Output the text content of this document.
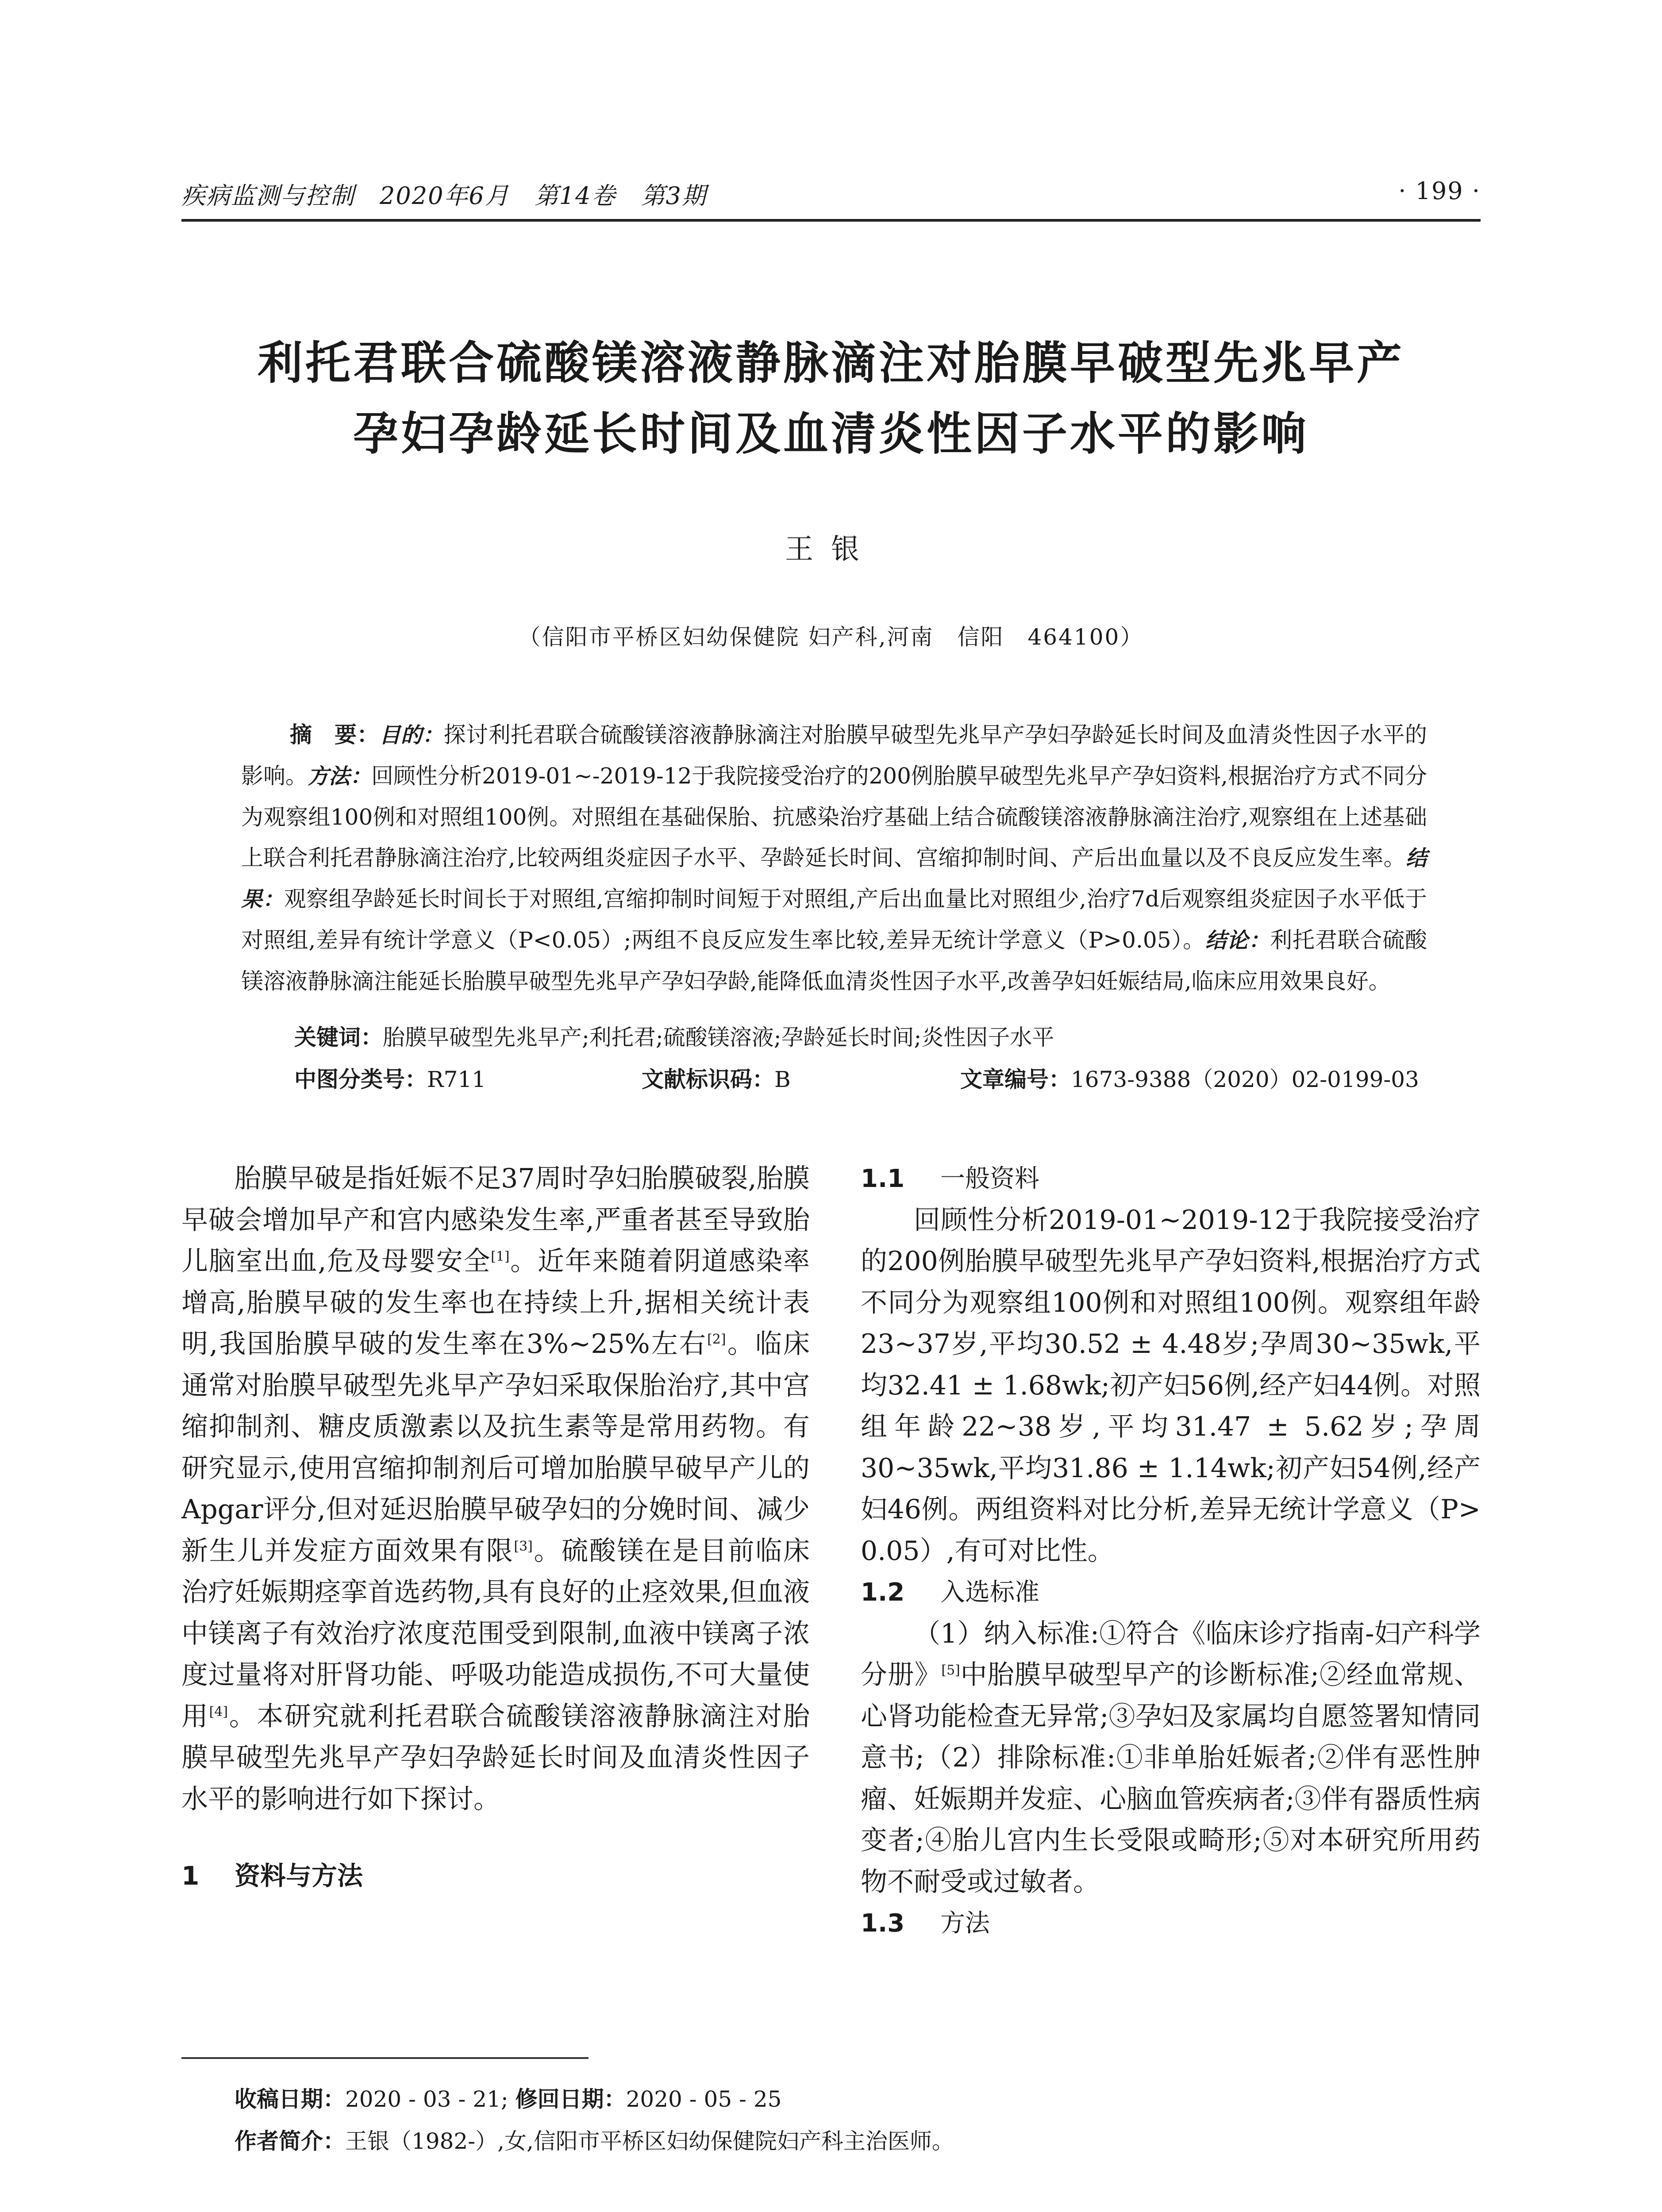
疾病监测与控制　2020年6月　第14卷　第3期	· 199 ·
利托君联合硫酸镁溶液静脉滴注对胎膜早破型先兆早产
孕妇孕龄延长时间及血清炎性因子水平的影响
王银
（信阳市平桥区妇幼保健院 妇产科,河南　信阳　464100）
摘　要：目的：探讨利托君联合硫酸镁溶液静脉滴注对胎膜早破型先兆早产孕妇孕龄延长时间及血清炎性因子水平的影响。方法：回顾性分析2019-01~-2019-12于我院接受治疗的200例胎膜早破型先兆早产孕妇资料,根据治疗方式不同分为观察组100例和对照组100例。对照组在基础保胎、抗感染治疗基础上结合硫酸镁溶液静脉滴注治疗,观察组在上述基础上联合利托君静脉滴注治疗,比较两组炎症因子水平、孕龄延长时间、宫缩抑制时间、产后出血量以及不良反应发生率。结果：观察组孕龄延长时间长于对照组,宫缩抑制时间短于对照组,产后出血量比对照组少,治疗7d后观察组炎症因子水平低于对照组,差异有统计学意义（P<0.05）;两组不良反应发生率比较,差异无统计学意义（P>0.05）。结论：利托君联合硫酸镁溶液静脉滴注能延长胎膜早破型先兆早产孕妇孕龄,能降低血清炎性因子水平,改善孕妇妊娠结局,临床应用效果良好。
关键词：胎膜早破型先兆早产;利托君;硫酸镁溶液;孕龄延长时间;炎性因子水平
中图分类号：R711	文献标识码：B	文章编号：1673-9388（2020）02-0199-03

胎膜早破是指妊娠不足37周时孕妇胎膜破裂,胎膜早破会增加早产和宫内感染发生率,严重者甚至导致胎儿脑室出血,危及母婴安全[1]。近年来随着阴道感染率增高,胎膜早破的发生率也在持续上升,据相关统计表明,我国胎膜早破的发生率在3%~25%左右[2]。临床通常对胎膜早破型先兆早产孕妇采取保胎治疗,其中宫缩抑制剂、糖皮质激素以及抗生素等是常用药物。有研究显示,使用宫缩抑制剂后可增加胎膜早破早产儿的Apgar评分,但对延迟胎膜早破孕妇的分娩时间、减少新生儿并发症方面效果有限[3]。硫酸镁在是目前临床治疗妊娠期痉挛首选药物,具有良好的止痉效果,但血液中镁离子有效治疗浓度范围受到限制,血液中镁离子浓度过量将对肝肾功能、呼吸功能造成损伤,不可大量使用[4]。本研究就利托君联合硫酸镁溶液静脉滴注对胎膜早破型先兆早产孕妇孕龄延长时间及血清炎性因子水平的影响进行如下探讨。

1 资料与方法
1.1 一般资料

回顾性分析2019-01~2019-12于我院接受治疗的200例胎膜早破型先兆早产孕妇资料,根据治疗方式不同分为观察组100例和对照组100例。观察组年龄23~37岁,平均30.52 ± 4.48岁;孕周30~35wk,平均32.41 ± 1.68wk;初产妇56例,经产妇44例。对照组年龄22~38岁,平均31.47 ± 5.62岁;孕周30~35wk,平均31.86 ± 1.14wk;初产妇54例,经产妇46例。两组资料对比分析,差异无统计学意义（P> 0.05）,有可对比性。

1.2 入选标准

（1）纳入标准:①符合《临床诊疗指南-妇产科学分册》[5]中胎膜早破型早产的诊断标准;②经血常规、心肾功能检查无异常;③孕妇及家属均自愿签署知情同意书;（2）排除标准:①非单胎妊娠者;②伴有恶性肿瘤、妊娠期并发症、心脑血管疾病者;③伴有器质性病变者;④胎儿宫内生长受限或畸形;⑤对本研究所用药物不耐受或过敏者。

1.3 方法
收稿日期：2020 - 03 - 21; 修回日期：2020 - 05 - 25
作者简介：王银（1982-）,女,信阳市平桥区妇幼保健院妇产科主治医师。
